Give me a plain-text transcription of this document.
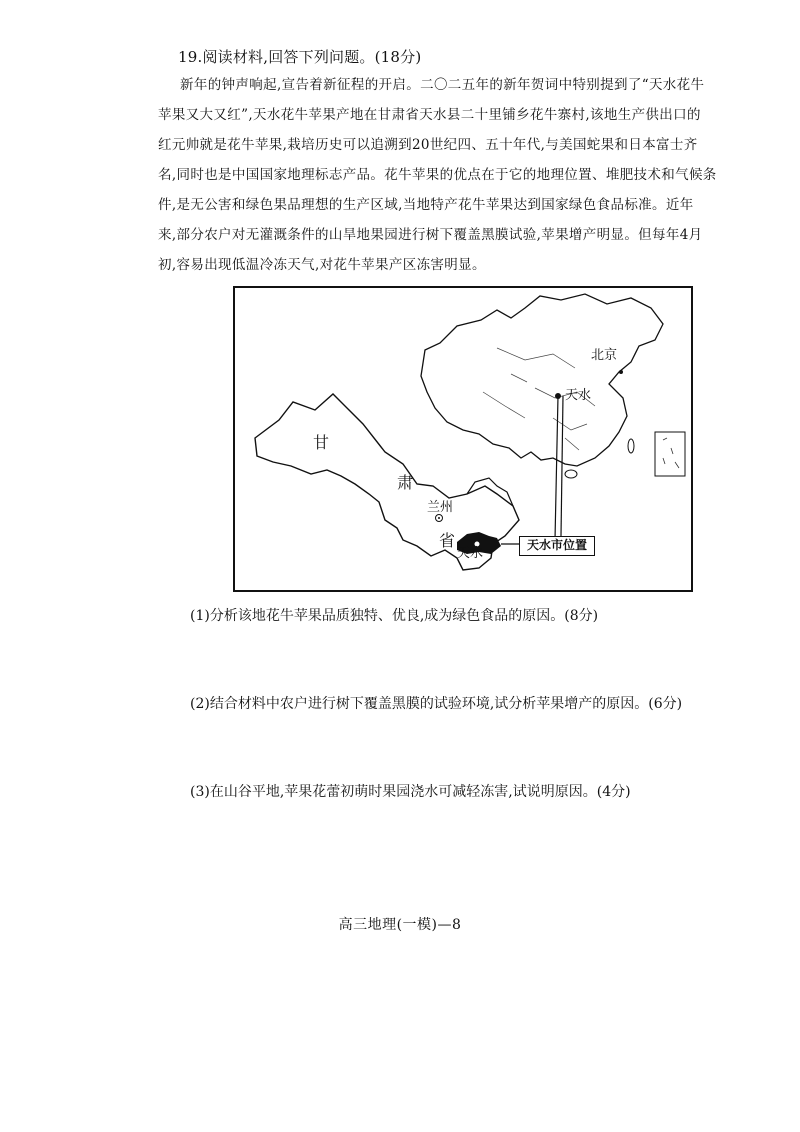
19.阅读材料,回答下列问题。(18分)
新年的钟声响起,宣告着新征程的开启。二〇二五年的新年贺词中特别提到了“天水花牛
苹果又大又红”,天水花牛苹果产地在甘肃省天水县二十里铺乡花牛寨村,该地生产供出口的
红元帅就是花牛苹果,栽培历史可以追溯到20世纪四、五十年代,与美国蛇果和日本富士齐
名,同时也是中国国家地理标志产品。花牛苹果的优点在于它的地理位置、堆肥技术和气候条
件,是无公害和绿色果品理想的生产区域,当地特产花牛苹果达到国家绿色食品标准。近年
来,部分农户对无灌溉条件的山旱地果园进行树下覆盖黑膜试验,苹果增产明显。但每年4月
初,容易出现低温冷冻天气,对花牛苹果产区冻害明显。
北京
天水
甘
肃
兰州
省
天水
天水市位置
(1)分析该地花牛苹果品质独特、优良,成为绿色食品的原因。(8分)
(2)结合材料中农户进行树下覆盖黑膜的试验环境,试分析苹果增产的原因。(6分)
(3)在山谷平地,苹果花蕾初萌时果园浇水可减轻冻害,试说明原因。(4分)
高三地理(一模)—8
